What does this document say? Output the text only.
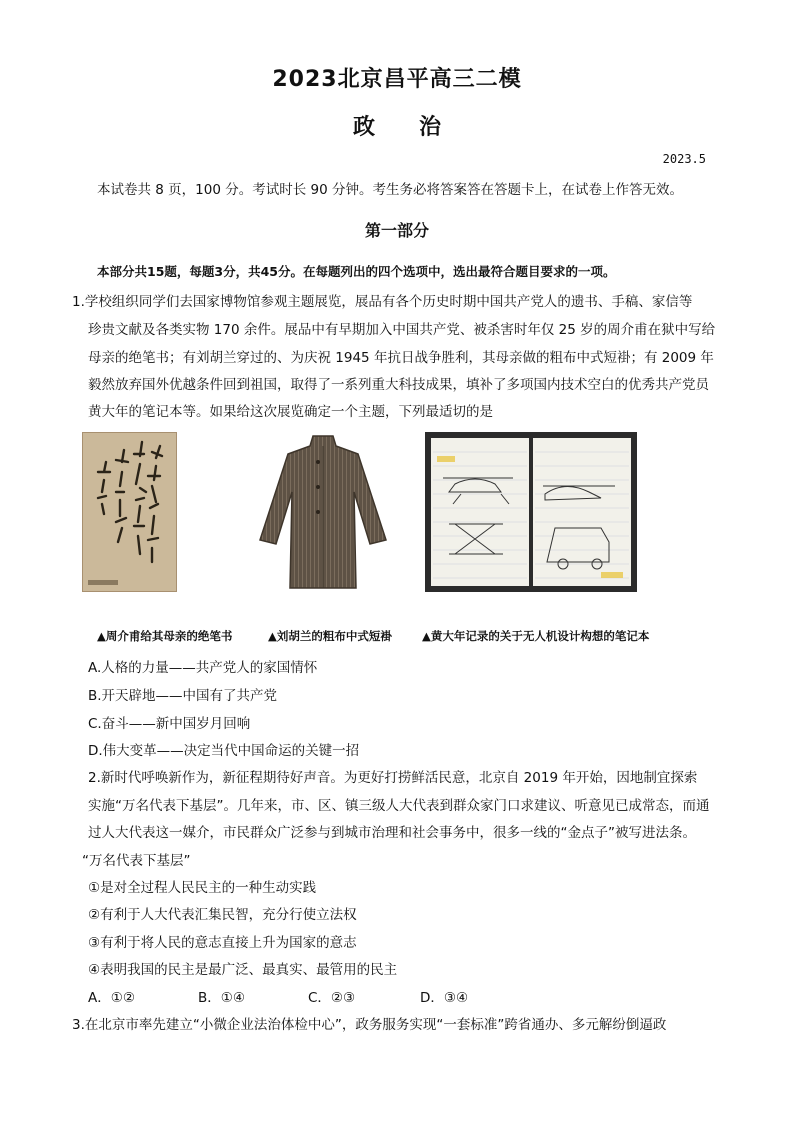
2023北京昌平高三二模
政 治
2023.5
本试卷共 8 页，100 分。考试时长 90 分钟。考生务必将答案答在答题卡上，在试卷上作答无效。
第一部分
本部分共15题，每题3分，共45分。在每题列出的四个选项中，选出最符合题目要求的一项。
1.学校组织同学们去国家博物馆参观主题展览，展品有各个历史时期中国共产党人的遗书、手稿、家信等
珍贵文献及各类实物 170 余件。展品中有早期加入中国共产党、被杀害时年仅 25 岁的周介甫在狱中写给
母亲的绝笔书；有刘胡兰穿过的、为庆祝 1945 年抗日战争胜利，其母亲做的粗布中式短褂；有 2009 年
毅然放弃国外优越条件回到祖国，取得了一系列重大科技成果，填补了多项国内技术空白的优秀共产党员
黄大年的笔记本等。如果给这次展览确定一个主题，下列最适切的是
▲周介甫给其母亲的绝笔书	▲刘胡兰的粗布中式短褂	▲黄大年记录的关于无人机设计构想的笔记本
A.人格的力量——共产党人的家国情怀
B.开天辟地——中国有了共产党
C.奋斗——新中国岁月回响
D.伟大变革——决定当代中国命运的关键一招
2.新时代呼唤新作为，新征程期待好声音。为更好打捞鲜活民意，北京自 2019 年开始，因地制宜探索
实施“万名代表下基层”。几年来，市、区、镇三级人大代表到群众家门口求建议、听意见已成常态，而通
过人大代表这一媒介，市民群众广泛参与到城市治理和社会事务中，很多一线的“金点子”被写进法条。
“万名代表下基层”
①是对全过程人民民主的一种生动实践
②有利于人大代表汇集民智，充分行使立法权
③有利于将人民的意志直接上升为国家的意志
④表明我国的民主是最广泛、最真实、最管用的民主
A．①②	B．①④	C．②③	D．③④
3.在北京市率先建立“小微企业法治体检中心”，政务服务实现“一套标准”跨省通办、多元解纷倒逼政
